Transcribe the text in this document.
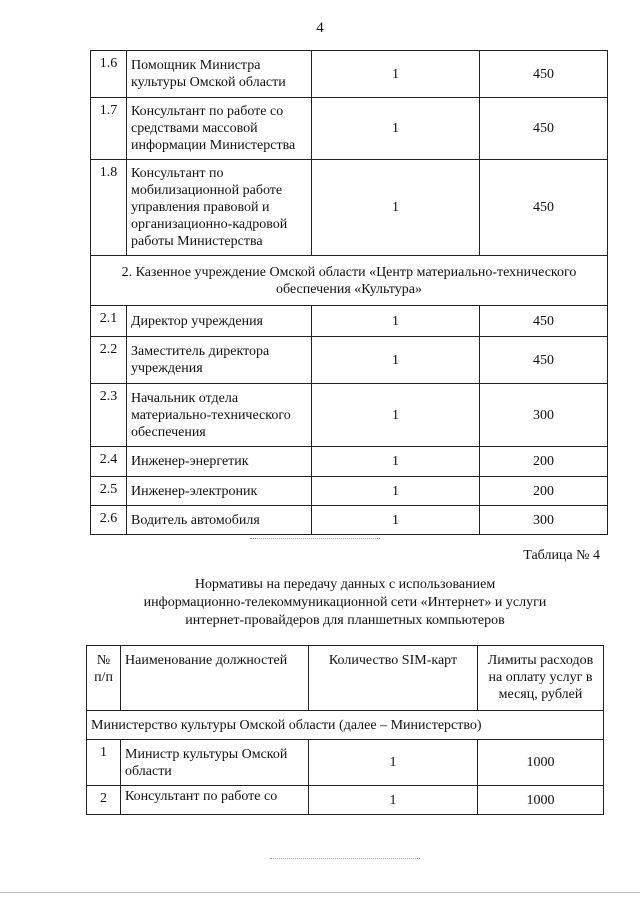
4
1.6	Помощник Министра культуры Омской области	1	450
1.7	Консультант по работе со средствами массовой информации Министерства	1	450
1.8	Консультант по мобилизационной работе управления правовой и организационно-кадровой работы Министерства	1	450
2. Казенное учреждение Омской области «Центр материально-технического обеспечения «Культура»			
2.1	Директор учреждения	1	450
2.2	Заместитель директора учреждения	1	450
2.3	Начальник отдела материально-технического обеспечения	1	300
2.4	Инженер-энергетик	1	200
2.5	Инженер-электроник	1	200
2.6	Водитель автомобиля	1	300
Таблица № 4
Нормативы на передачу данных с использованием
информационно-телекоммуникационной сети «Интернет» и услуги
интернет-провайдеров для планшетных компьютеров
№ п/п	Наименование должностей	Количество SIM-карт	Лимиты расходов на оплату услуг в месяц, рублей
Министерство культуры Омской области (далее – Министерство)			
1	Министр культуры Омской области	1	1000
2	Консультант по работе со	1	1000
